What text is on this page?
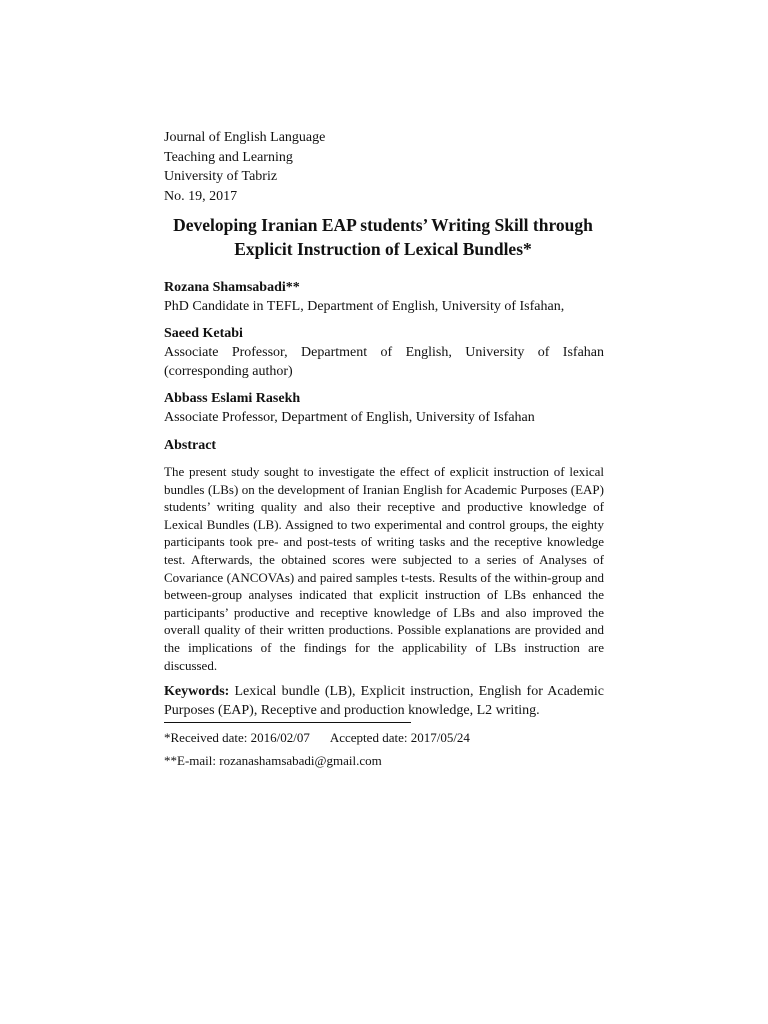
Journal of English Language

Teaching and Learning

University of Tabriz

No. 19, 2017

Developing Iranian EAP students’ Writing Skill through Explicit Instruction of Lexical Bundles*

Rozana Shamsabadi**

PhD Candidate in TEFL, Department of English, University of Isfahan,

Saeed Ketabi

Associate Professor, Department of English, University of Isfahan

(corresponding author)

Abbass Eslami Rasekh

Associate Professor, Department of English, University of Isfahan

Abstract

The present study sought to investigate the effect of explicit instruction of lexical bundles (LBs) on the development of Iranian English for Academic Purposes (EAP) students’ writing quality and also their receptive and productive knowledge of Lexical Bundles (LB). Assigned to two experimental and control groups, the eighty participants took pre- and post-tests of writing tasks and the receptive knowledge test. Afterwards, the obtained scores were subjected to a series of Analyses of Covariance (ANCOVAs) and paired samples t-tests. Results of the within-group and between-group analyses indicated that explicit instruction of LBs enhanced the participants’ productive and receptive knowledge of LBs and also improved the overall quality of their written productions. Possible explanations are provided and the implications of the findings for the applicability of LBs instruction are discussed.

Keywords: Lexical bundle (LB), Explicit instruction, English for Academic Purposes (EAP), Receptive and production knowledge, L2 writing.

*Received date: 2016/02/07 Accepted date: 2017/05/24

**E-mail: rozanashamsabadi@gmail.com
